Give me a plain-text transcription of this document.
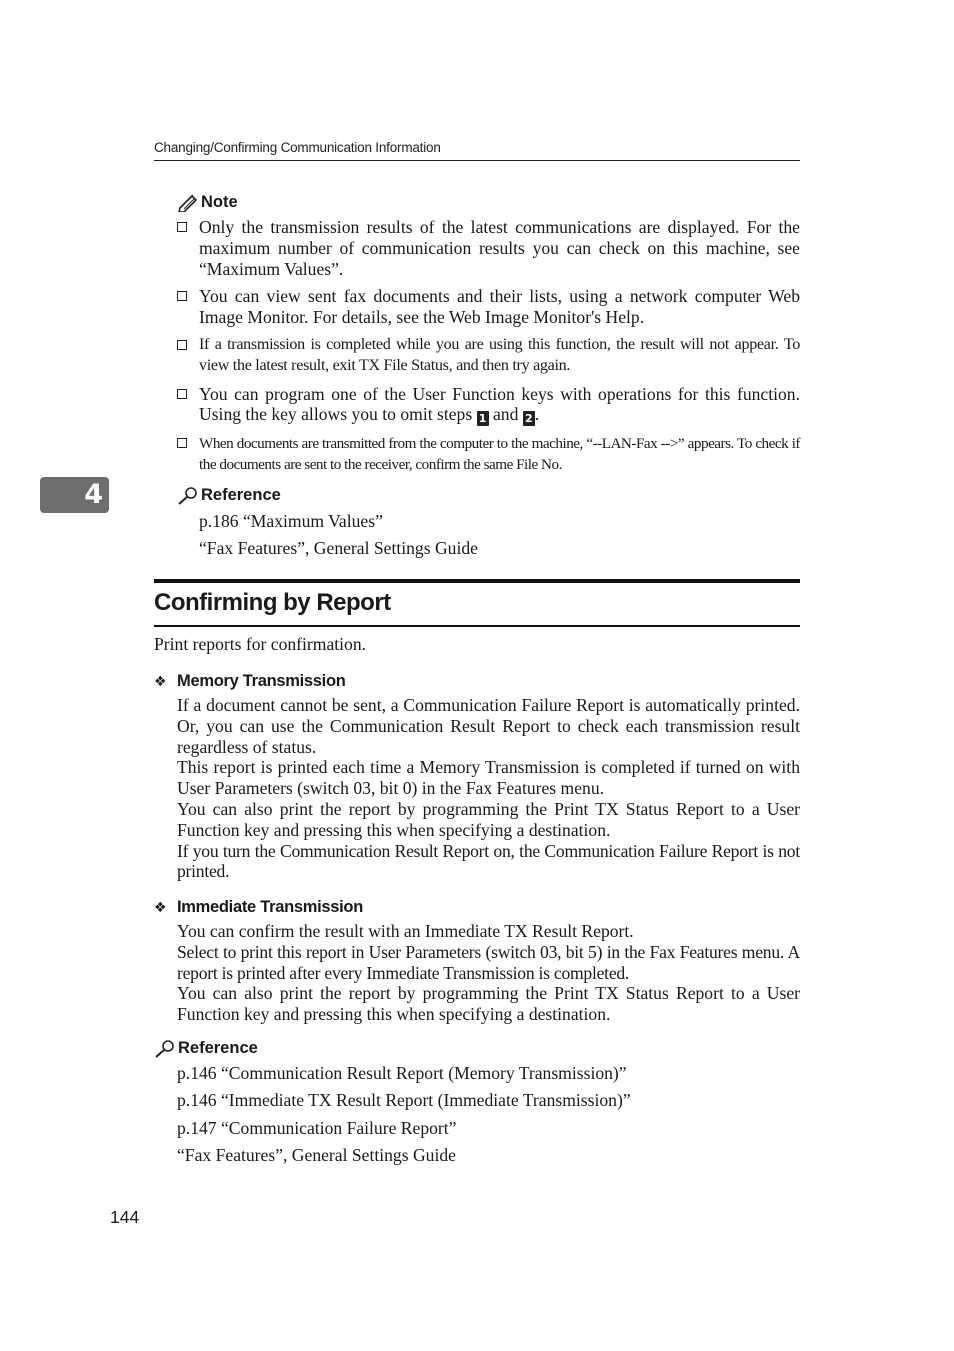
Changing/Confirming Communication Information
4
Note
Only the transmission results of the latest communications are displayed. For the maximum number of communication results you can check on this machine, see “Maximum Values”.
You can view sent fax documents and their lists, using a network computer Web Image Monitor. For details, see the Web Image Monitor's Help.
If a transmission is completed while you are using this function, the result will not appear. To view the latest result, exit TX File Status, and then try again.
You can program one of the User Function keys with operations for this function. Using the key allows you to omit steps 1 and 2 .
When documents are transmitted from the computer to the machine, “--LAN-Fax -->” appears. To check if the documents are sent to the receiver, confirm the same File No.
Reference
p.186 “Maximum Values”
“Fax Features”, General Settings Guide
Confirming by Report
Print reports for confirmation.
❖ Memory Transmission

If a document cannot be sent, a Communication Failure Report is automatically printed. Or, you can use the Communication Result Report to check each transmission result regardless of status.

This report is printed each time a Memory Transmission is completed if turned on with User Parameters (switch 03, bit 0) in the Fax Features menu.

You can also print the report by programming the Print TX Status Report to a User Function key and pressing this when specifying a destination.

If you turn the Communication Result Report on, the Communication Failure Report is not printed.

❖ Immediate Transmission

You can confirm the result with an Immediate TX Result Report.

Select to print this report in User Parameters (switch 03, bit 5) in the Fax Features menu. A report is printed after every Immediate Transmission is completed.

You can also print the report by programming the Print TX Status Report to a User Function key and pressing this when specifying a destination.

Reference
p.146 “Communication Result Report (Memory Transmission)”
p.146 “Immediate TX Result Report (Immediate Transmission)”
p.147 “Communication Failure Report”
“Fax Features”, General Settings Guide
144
